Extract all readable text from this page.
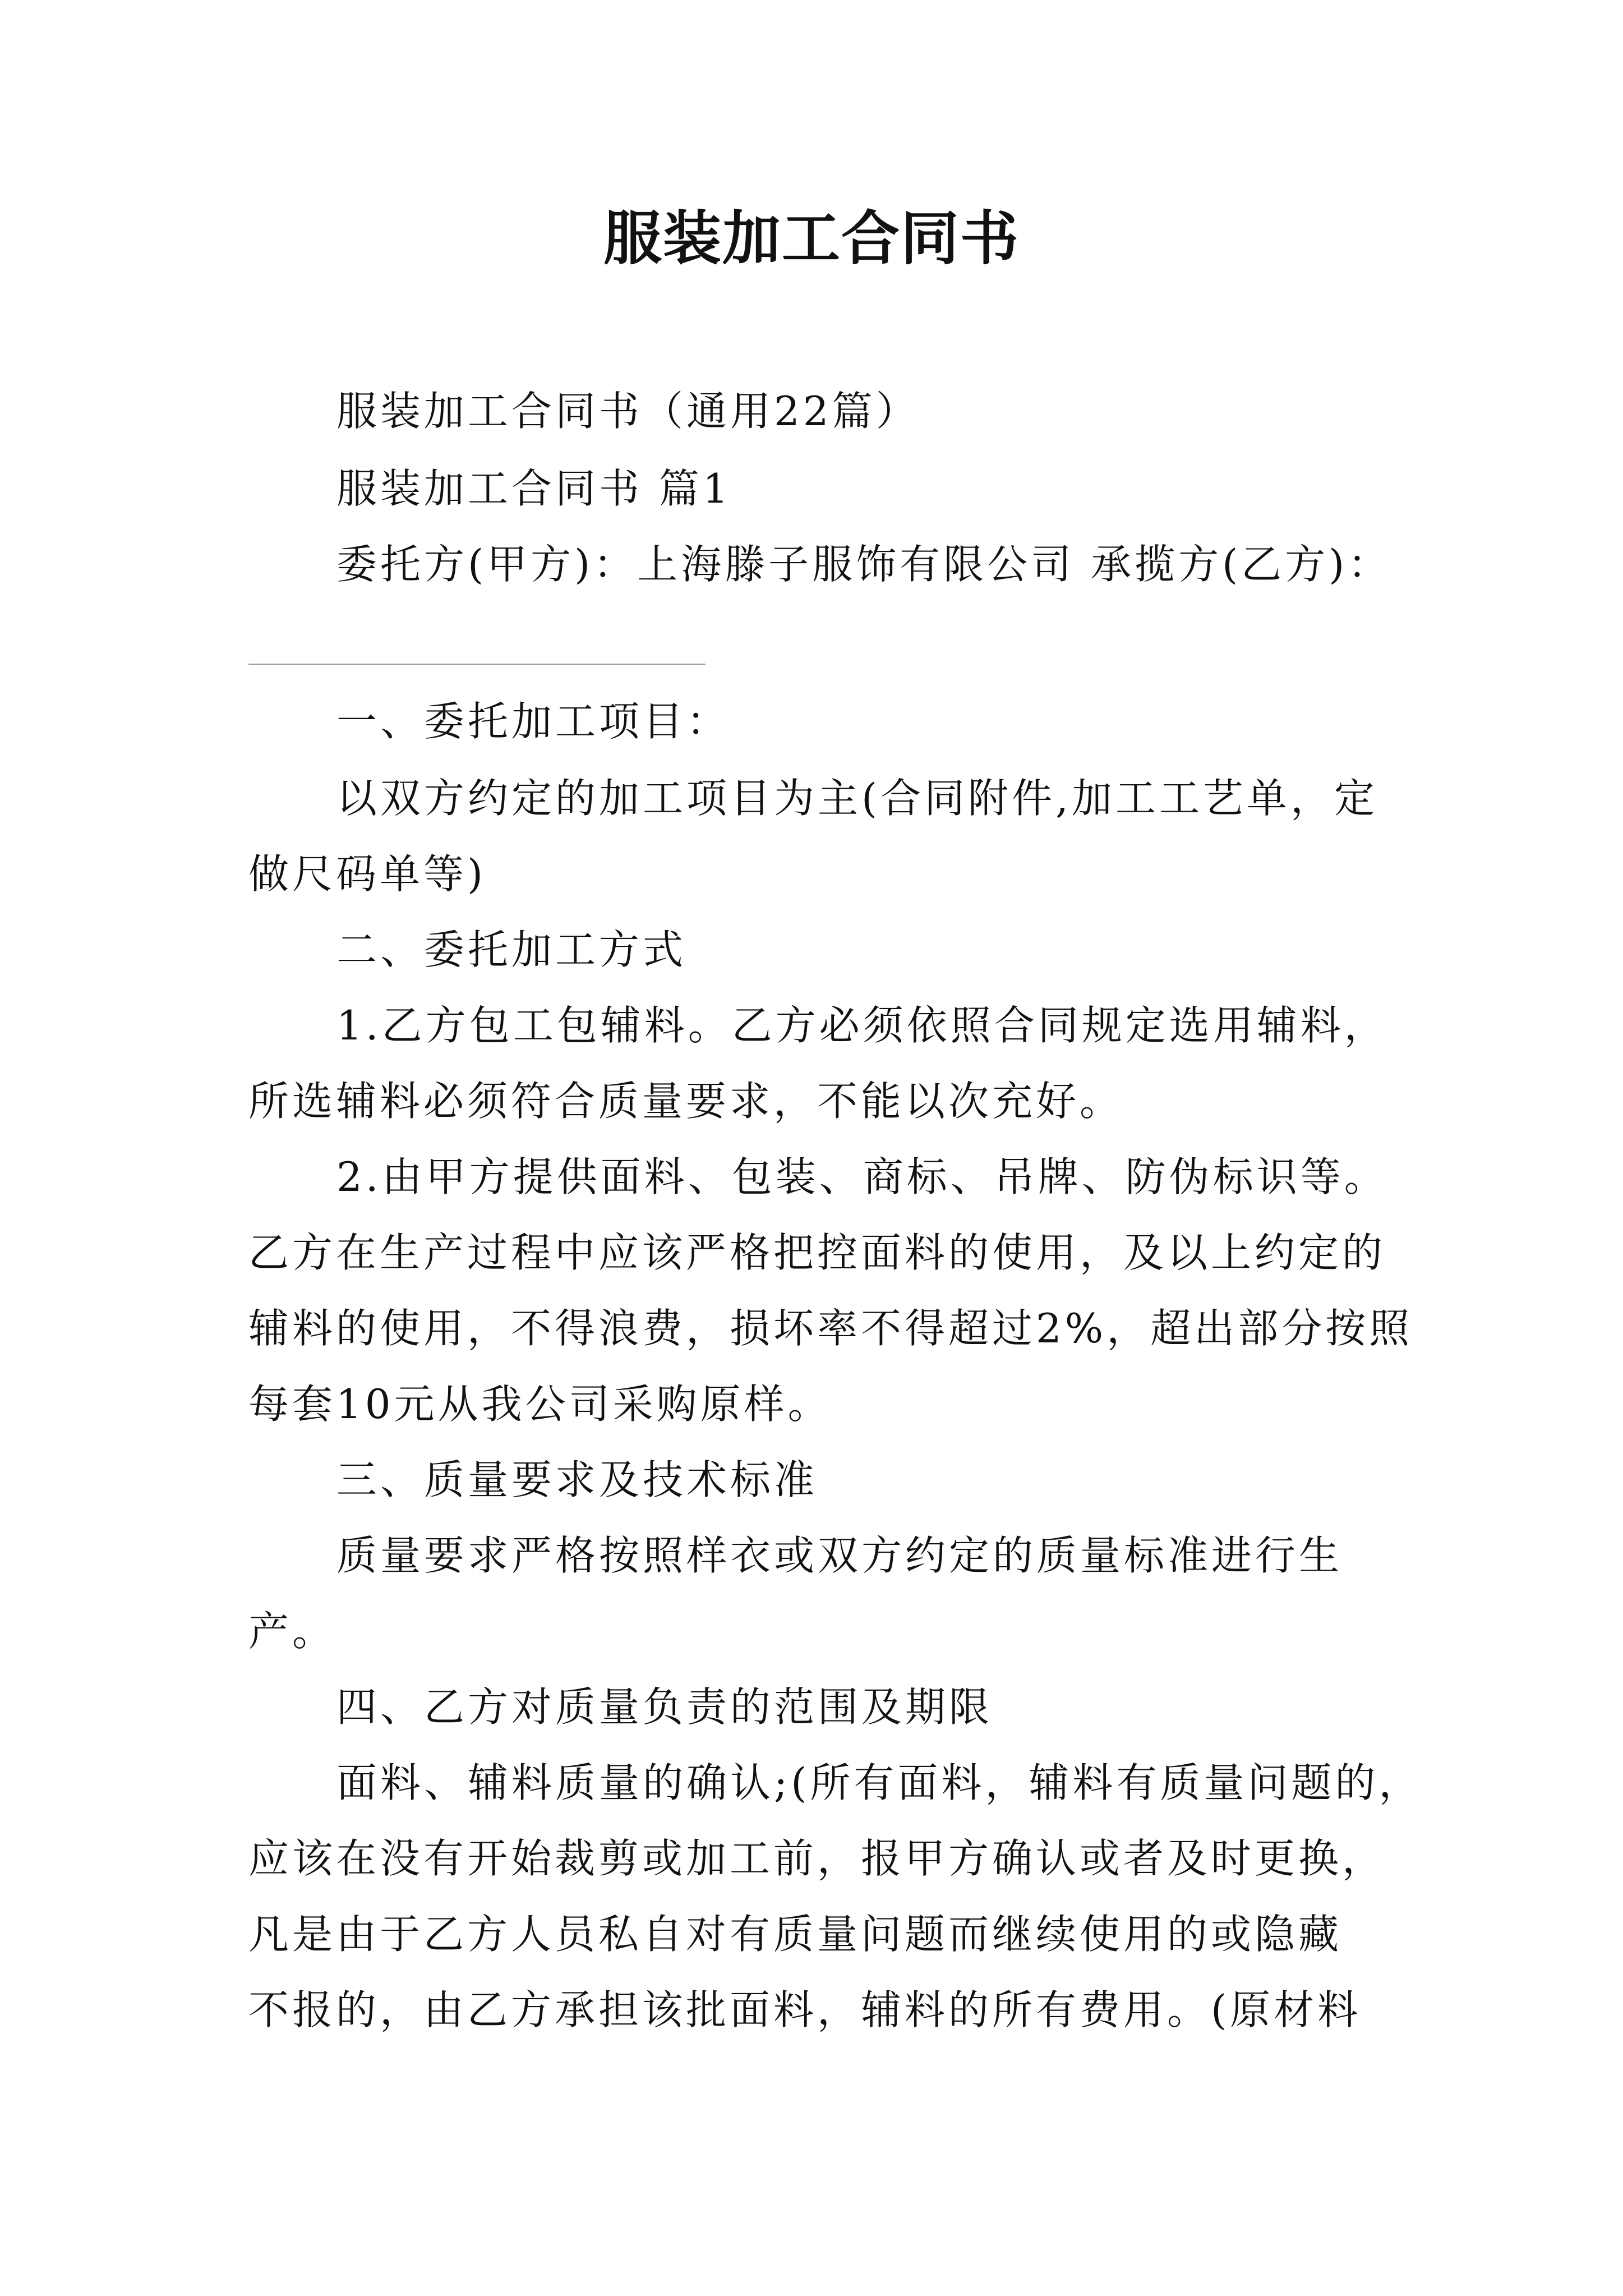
服装加工合同书
服装加工合同书（通用22篇）
服装加工合同书 篇1
委托方(甲方)：上海滕子服饰有限公司 承揽方(乙方)：
一、委托加工项目：
以双方约定的加工项目为主(合同附件,加工工艺单，定
做尺码单等)
二、委托加工方式
1.乙方包工包辅料。乙方必须依照合同规定选用辅料，
所选辅料必须符合质量要求，不能以次充好。
2.由甲方提供面料、包装、商标、吊牌、防伪标识等。
乙方在生产过程中应该严格把控面料的使用，及以上约定的
辅料的使用，不得浪费，损坏率不得超过2%，超出部分按照
每套10元从我公司采购原样。
三、质量要求及技术标准
质量要求严格按照样衣或双方约定的质量标准进行生
产。
四、乙方对质量负责的范围及期限
面料、辅料质量的确认;(所有面料，辅料有质量问题的，
应该在没有开始裁剪或加工前，报甲方确认或者及时更换，
凡是由于乙方人员私自对有质量问题而继续使用的或隐藏
不报的，由乙方承担该批面料，辅料的所有费用。(原材料
